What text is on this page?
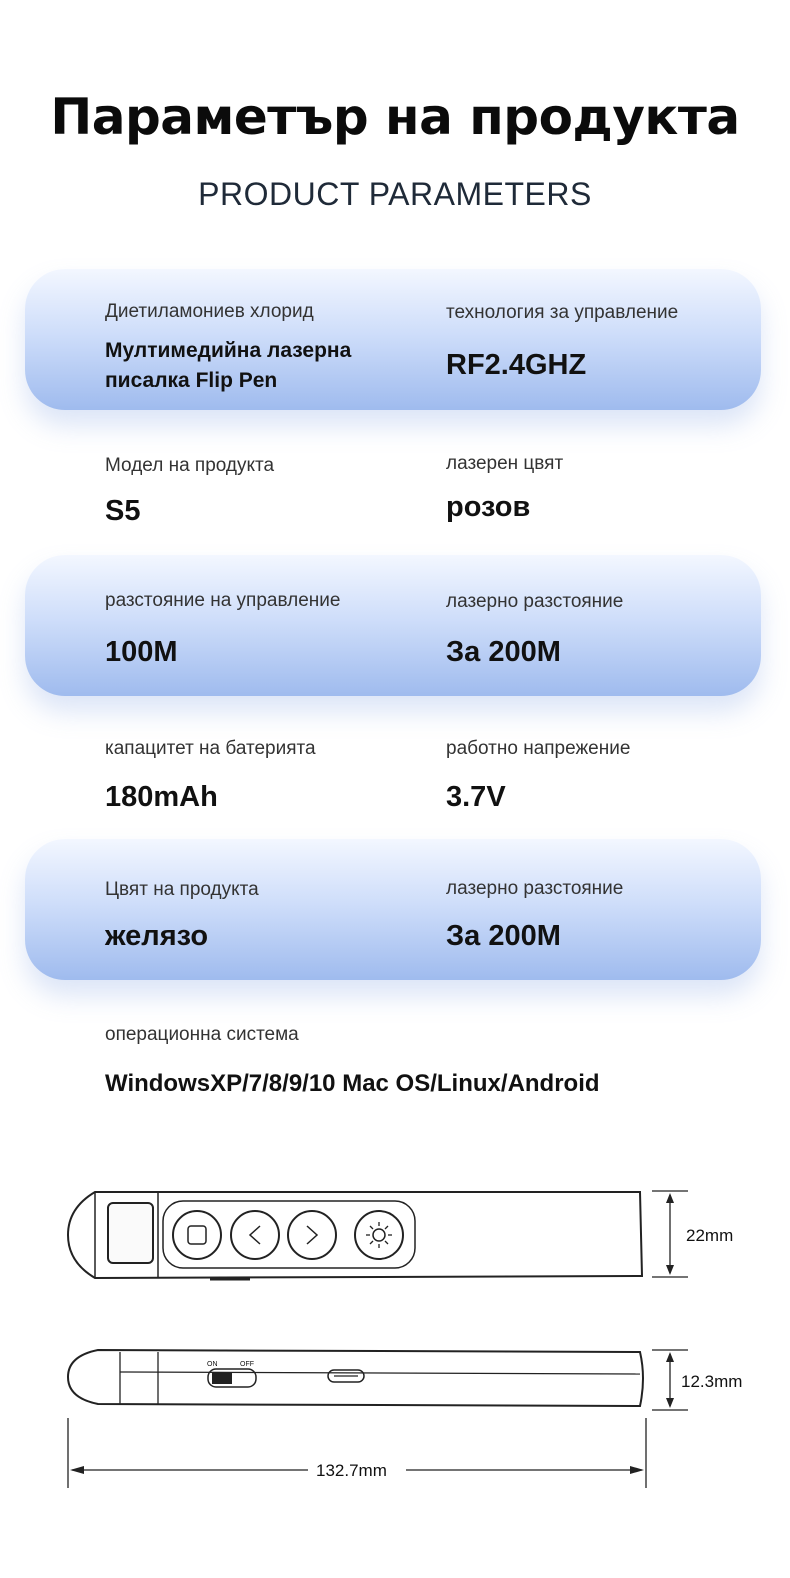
Параметър на продукта
PRODUCT PARAMETERS
Диетиламониев хлорид
Мултимедийна лазерна
писалка Flip Pen
технология за управление
RF2.4GHZ
Модел на продукта
S5
лазерен цвят
розов
разстояние на управление
100M
лазерно разстояние
За 200M
капацитет на батерията
180mAh
работно напрежение
3.7V
Цвят на продукта
желязо
лазерно разстояние
За 200M
операционна система
WindowsXP/7/8/9/10 Mac OS/Linux/Android
ON	OFF
22mm
12.3mm
132.7mm
